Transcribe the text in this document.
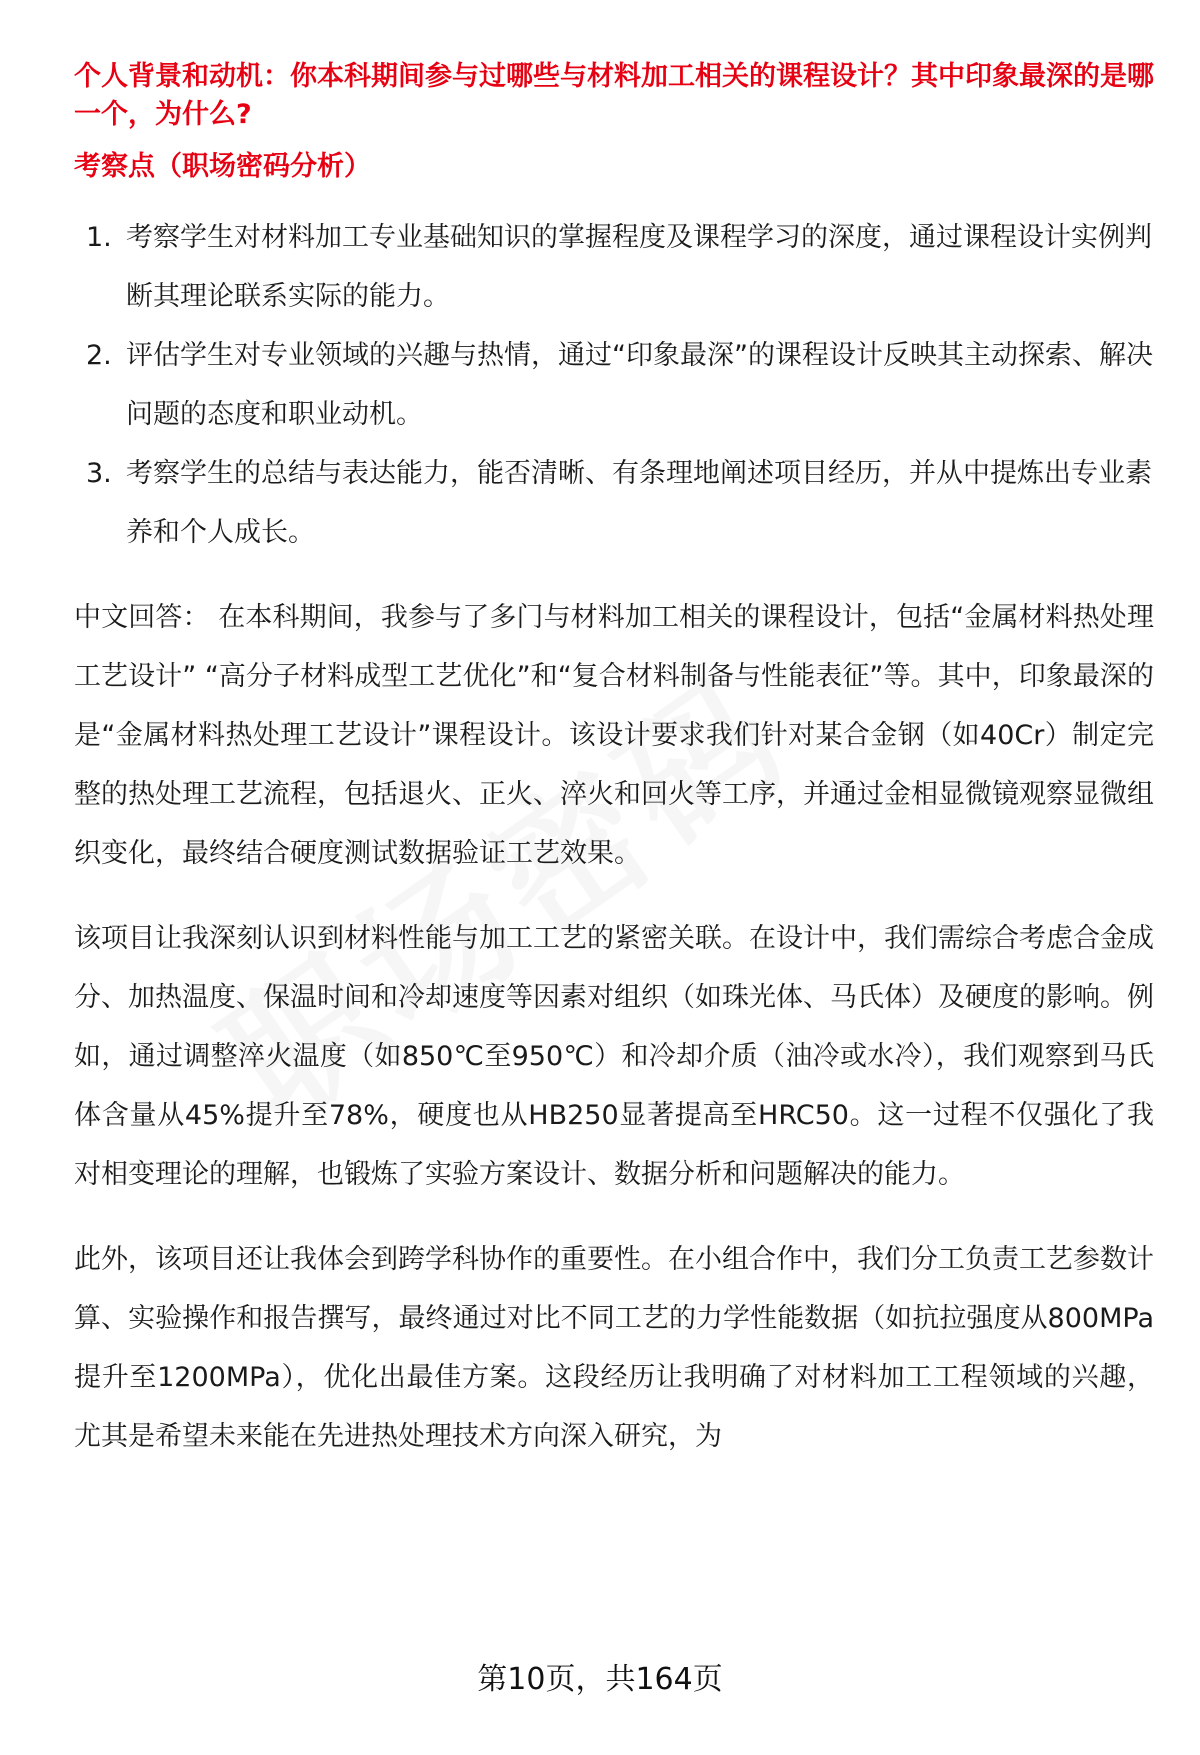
个人背景和动机：你本科期间参与过哪些与材料加工相关的课程设计？其中印象最深的是哪一个，为什么?
考察点（职场密码分析）
1. 考察学生对材料加工专业基础知识的掌握程度及课程学习的深度，通过课程设计实例判断其理论联系实际的能力。
2. 评估学生对专业领域的兴趣与热情，通过“印象最深”的课程设计反映其主动探索、解决问题的态度和职业动机。
3. 考察学生的总结与表达能力，能否清晰、有条理地阐述项目经历，并从中提炼出专业素养和个人成长。

中文回答： 在本科期间，我参与了多门与材料加工相关的课程设计，包括“金属材料热处理工艺设计” “高分子材料成型工艺优化”和“复合材料制备与性能表征”等。其中，印象最深的是“金属材料热处理工艺设计”课程设计。该设计要求我们针对某合金钢（如40Cr）制定完整的热处理工艺流程，包括退火、正火、淬火和回火等工序，并通过金相显微镜观察显微组织变化，最终结合硬度测试数据验证工艺效果。

该项目让我深刻认识到材料性能与加工工艺的紧密关联。在设计中，我们需综合考虑合金成分、加热温度、保温时间和冷却速度等因素对组织（如珠光体、马氏体）及硬度的影响。例如，通过调整淬火温度（如850℃至950℃）和冷却介质（油冷或水冷），我们观察到马氏体含量从45%提升至78%，硬度也从HB250显著提高至HRC50。这一过程不仅强化了我对相变理论的理解，也锻炼了实验方案设计、数据分析和问题解决的能力。

此外，该项目还让我体会到跨学科协作的重要性。在小组合作中，我们分工负责工艺参数计算、实验操作和报告撰写，最终通过对比不同工艺的力学性能数据（如抗拉强度从800MPa提升至1200MPa），优化出最佳方案。这段经历让我明确了对材料加工工程领域的兴趣，尤其是希望未来能在先进热处理技术方向深入研究，为

第10页，共164页
